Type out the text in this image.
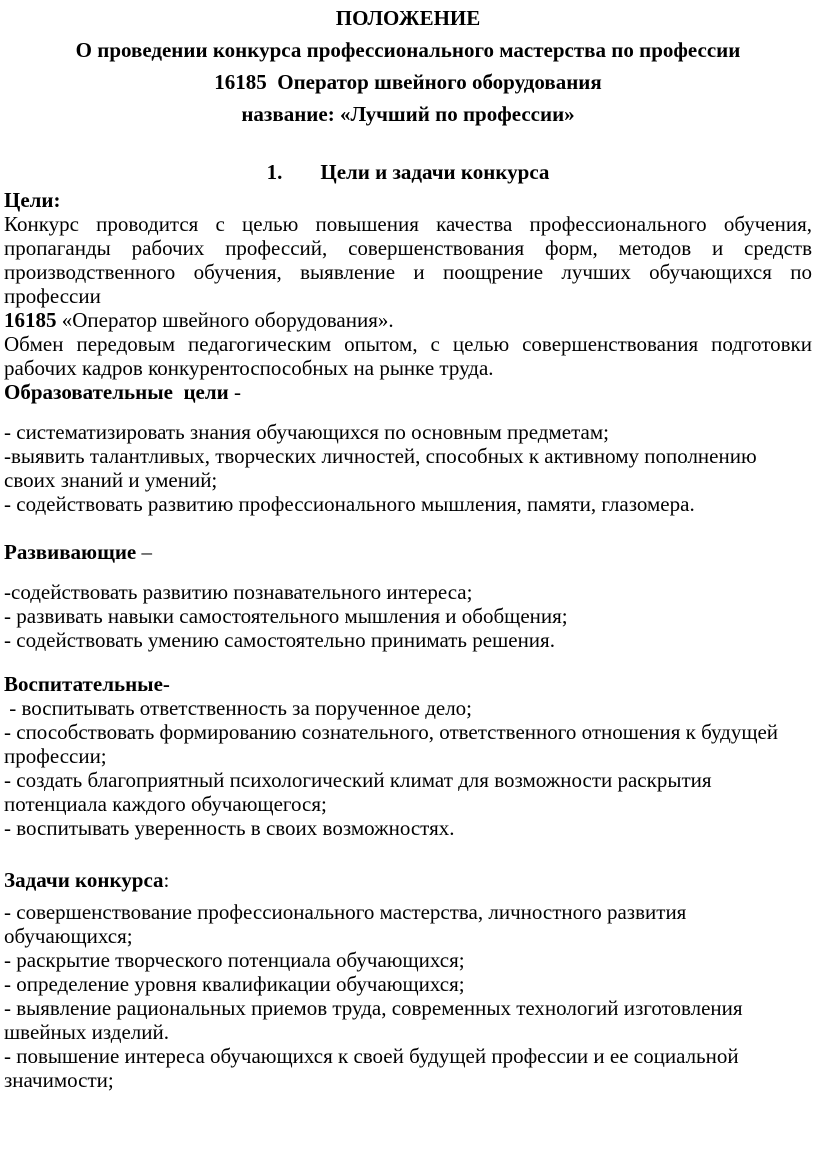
ПОЛОЖЕНИЕ
О проведении конкурса профессионального мастерства по профессии
16185  Оператор швейного оборудования
название: «Лучший по профессии»
1. Цели и задачи конкурса
Цели:
Конкурс проводится с целью повышения качества профессионального обучения,
пропаганды рабочих профессий, совершенствования форм, методов и средств
производственного обучения, выявление и поощрение лучших обучающихся по профессии
16185 «Оператор швейного оборудования».
Обмен передовым педагогическим опытом, с целью совершенствования подготовки
рабочих кадров конкурентоспособных на рынке труда.
Образовательные  цели -
- систематизировать знания обучающихся по основным предметам;
-выявить талантливых, творческих личностей, способных к активному пополнению своих знаний и умений;
- содействовать развитию профессионального мышления, памяти, глазомера.
Развивающие –
-содействовать развитию познавательного интереса;
- развивать навыки самостоятельного мышления и обобщения;
- содействовать умению самостоятельно принимать решения.
Воспитательные-
- воспитывать ответственность за порученное дело;
- способствовать формированию сознательного, ответственного отношения к будущей профессии;
- создать благоприятный психологический климат для возможности раскрытия потенциала каждого обучающегося;
- воспитывать уверенность в своих возможностях.
Задачи конкурса:
- совершенствование профессионального мастерства, личностного развития обучающихся;
- раскрытие творческого потенциала обучающихся;
- определение уровня квалификации обучающихся;
- выявление рациональных приемов труда, современных технологий изготовления швейных изделий.
- повышение интереса обучающихся к своей будущей профессии и ее социальной значимости;
